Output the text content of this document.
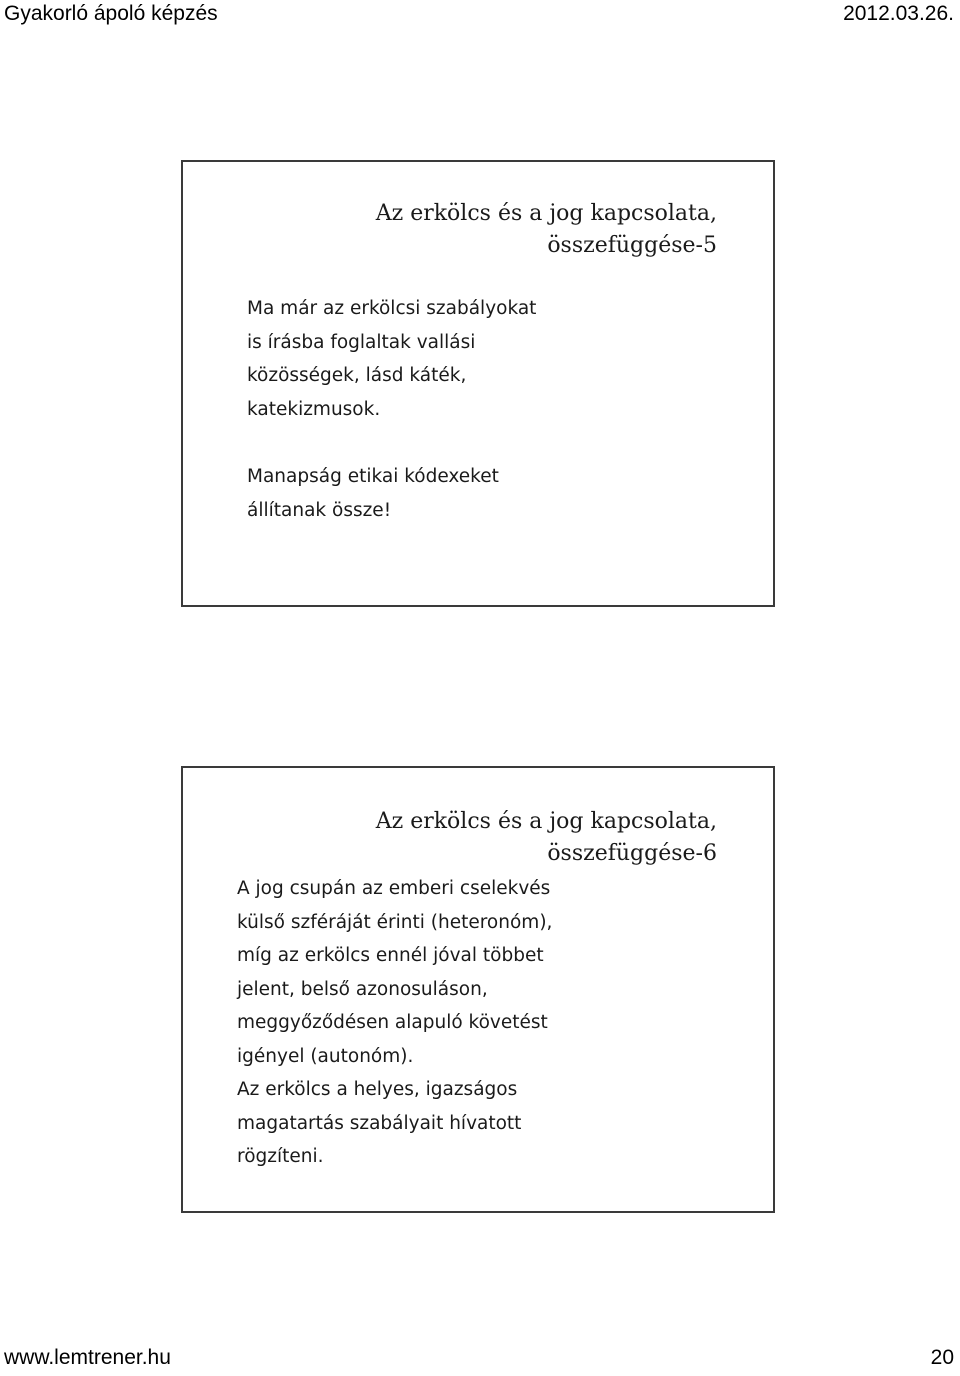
Gyakorló ápoló képzés	2012.03.26.
Az erkölcs és a jog kapcsolata,
összefüggése-5

Ma már az erkölcsi szabályokat
is írásba foglaltak vallási
közösségek, lásd káték,
katekizmusok.

Manapság etikai kódexeket
állítanak össze!

Az erkölcs és a jog kapcsolata,
összefüggése-6

A jog csupán az emberi cselekvés
külső szféráját érinti (heteronóm),
míg az erkölcs ennél jóval többet
jelent, belső azonosuláson,
meggyőződésen alapuló követést
igényel (autonóm).

Az erkölcs a helyes, igazságos
magatartás szabályait hívatott
rögzíteni.

www.lemtrener.hu	20
